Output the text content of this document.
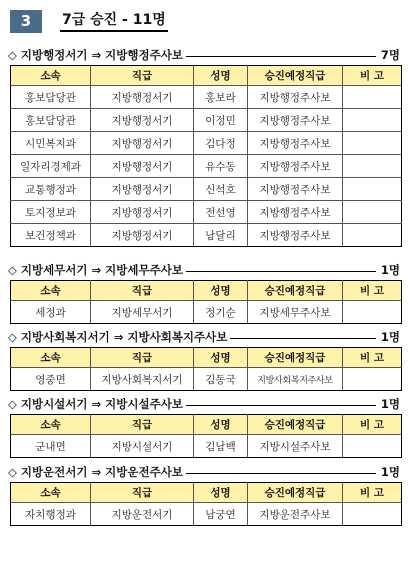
3	7급 승진 - 11명
◇ 지방행정서기 ⇒ 지방행정주사보	7명
소속	직급	성명	승진예정직급	비 고
홍보담당관	지방행정서기	홍보라	지방행정주사보	
홍보담당관	지방행정서기	이정민	지방행정주사보	
시민복지과	지방행정서기	김다정	지방행정주사보	
일자리경제과	지방행정서기	유수동	지방행정주사보	
교통행정과	지방행정서기	신석호	지방행정주사보	
토지정보과	지방행정서기	전선영	지방행정주사보	
보건정책과	지방행정서기	남달리	지방행정주사보	
◇ 지방세무서기 ⇒ 지방세무주사보	1명
소속	직급	성명	승진예정직급	비 고
세정과	지방세무서기	정기순	지방세무주사보	
◇ 지방사회복지서기 ⇒ 지방사회복지주사보	1명
소속	직급	성명	승진예정직급	비 고
영중면	지방사회복지서기	김동국	지방사회복지주사보	
◇ 지방시설서기 ⇒ 지방시설주사보	1명
소속	직급	성명	승진예정직급	비 고
군내면	지방시설서기	김남백	지방시설주사보	
◇ 지방운전서기 ⇒ 지방운전주사보	1명
소속	직급	성명	승진예정직급	비 고
자치행정과	지방운전서기	남궁연	지방운전주사보	
